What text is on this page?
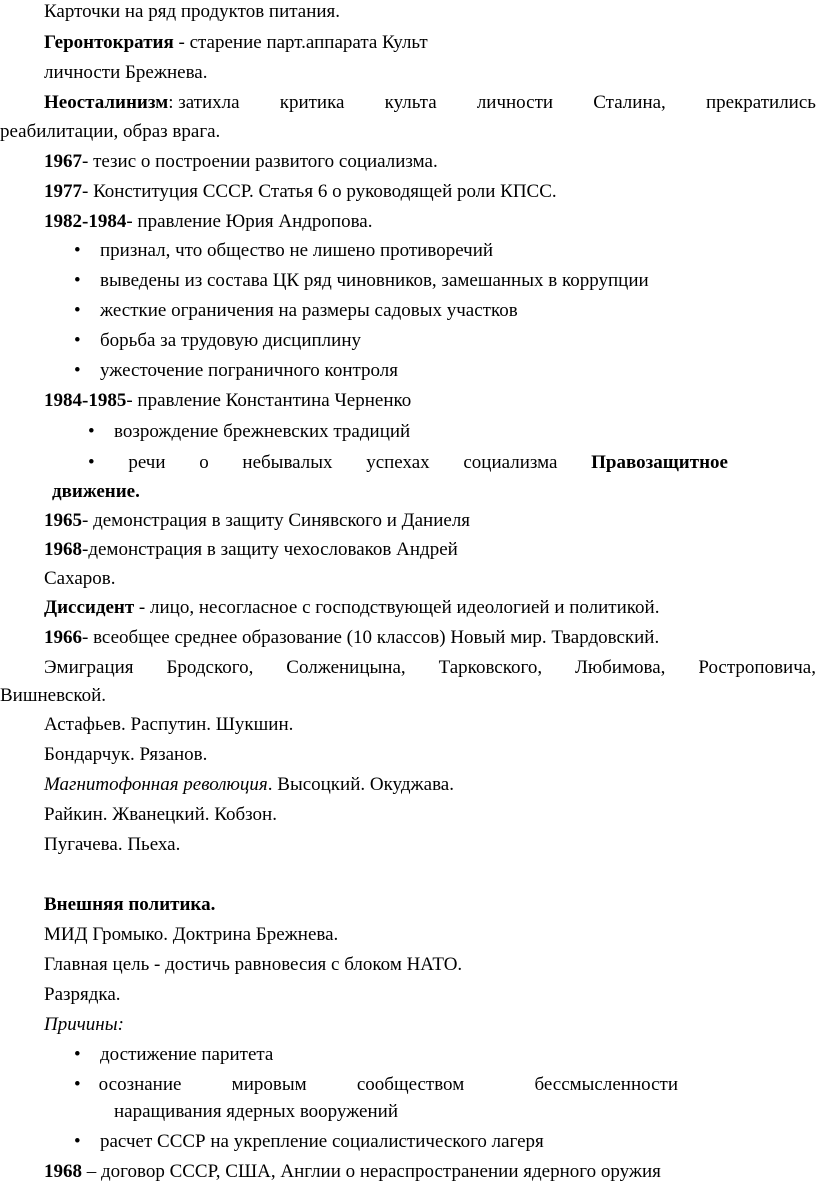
Карточки на ряд продуктов питания.
Геронтократия - старение парт.аппарата Культ
личности Брежнева.
Неосталинизм: затихла критика культа личности Сталина, прекратились
реабилитации, образ врага.
1967- тезис о построении развитого социализма.
1977- Конституция СССР. Статья 6 о руководящей роли КПСС.
1982-1984- правление Юрия Андропова.
• признал, что общество не лишено противоречий
• выведены из состава ЦК ряд чиновников, замешанных в коррупции
• жесткие ограничения на размеры садовых участков
• борьба за трудовую дисциплину
• ужесточение пограничного контроля
1984-1985- правление Константина Черненко
• возрождение брежневских традиций
• речи о небывалых успехах социализма Правозащитное
движение.
1965- демонстрация в защиту Синявского и Даниеля
1968-демонстрация в защиту чехословаков Андрей
Сахаров.
Диссидент - лицо, несогласное с господствующей идеологией и политикой.
1966- всеобщее среднее образование (10 классов) Новый мир. Твардовский.
Эмиграция Бродского, Солженицына, Тарковского, Любимова, Ростроповича,
Вишневской.
Астафьев. Распутин. Шукшин.
Бондарчук. Рязанов.
Магнитофонная революция. Высоцкий. Окуджава.
Райкин. Жванецкий. Кобзон.
Пугачева. Пьеха.
Внешняя политика.
МИД Громыко. Доктрина Брежнева.
Главная цель - достичь равновесия с блоком НАТО.
Разрядка.
Причины:
• достижение паритета
• осознание	мировым	сообществом	бессмысленности
наращивания ядерных вооружений
• расчет СССР на укрепление социалистического лагеря
1968 – договор СССР, США, Англии о нераспространении ядерного оружия
